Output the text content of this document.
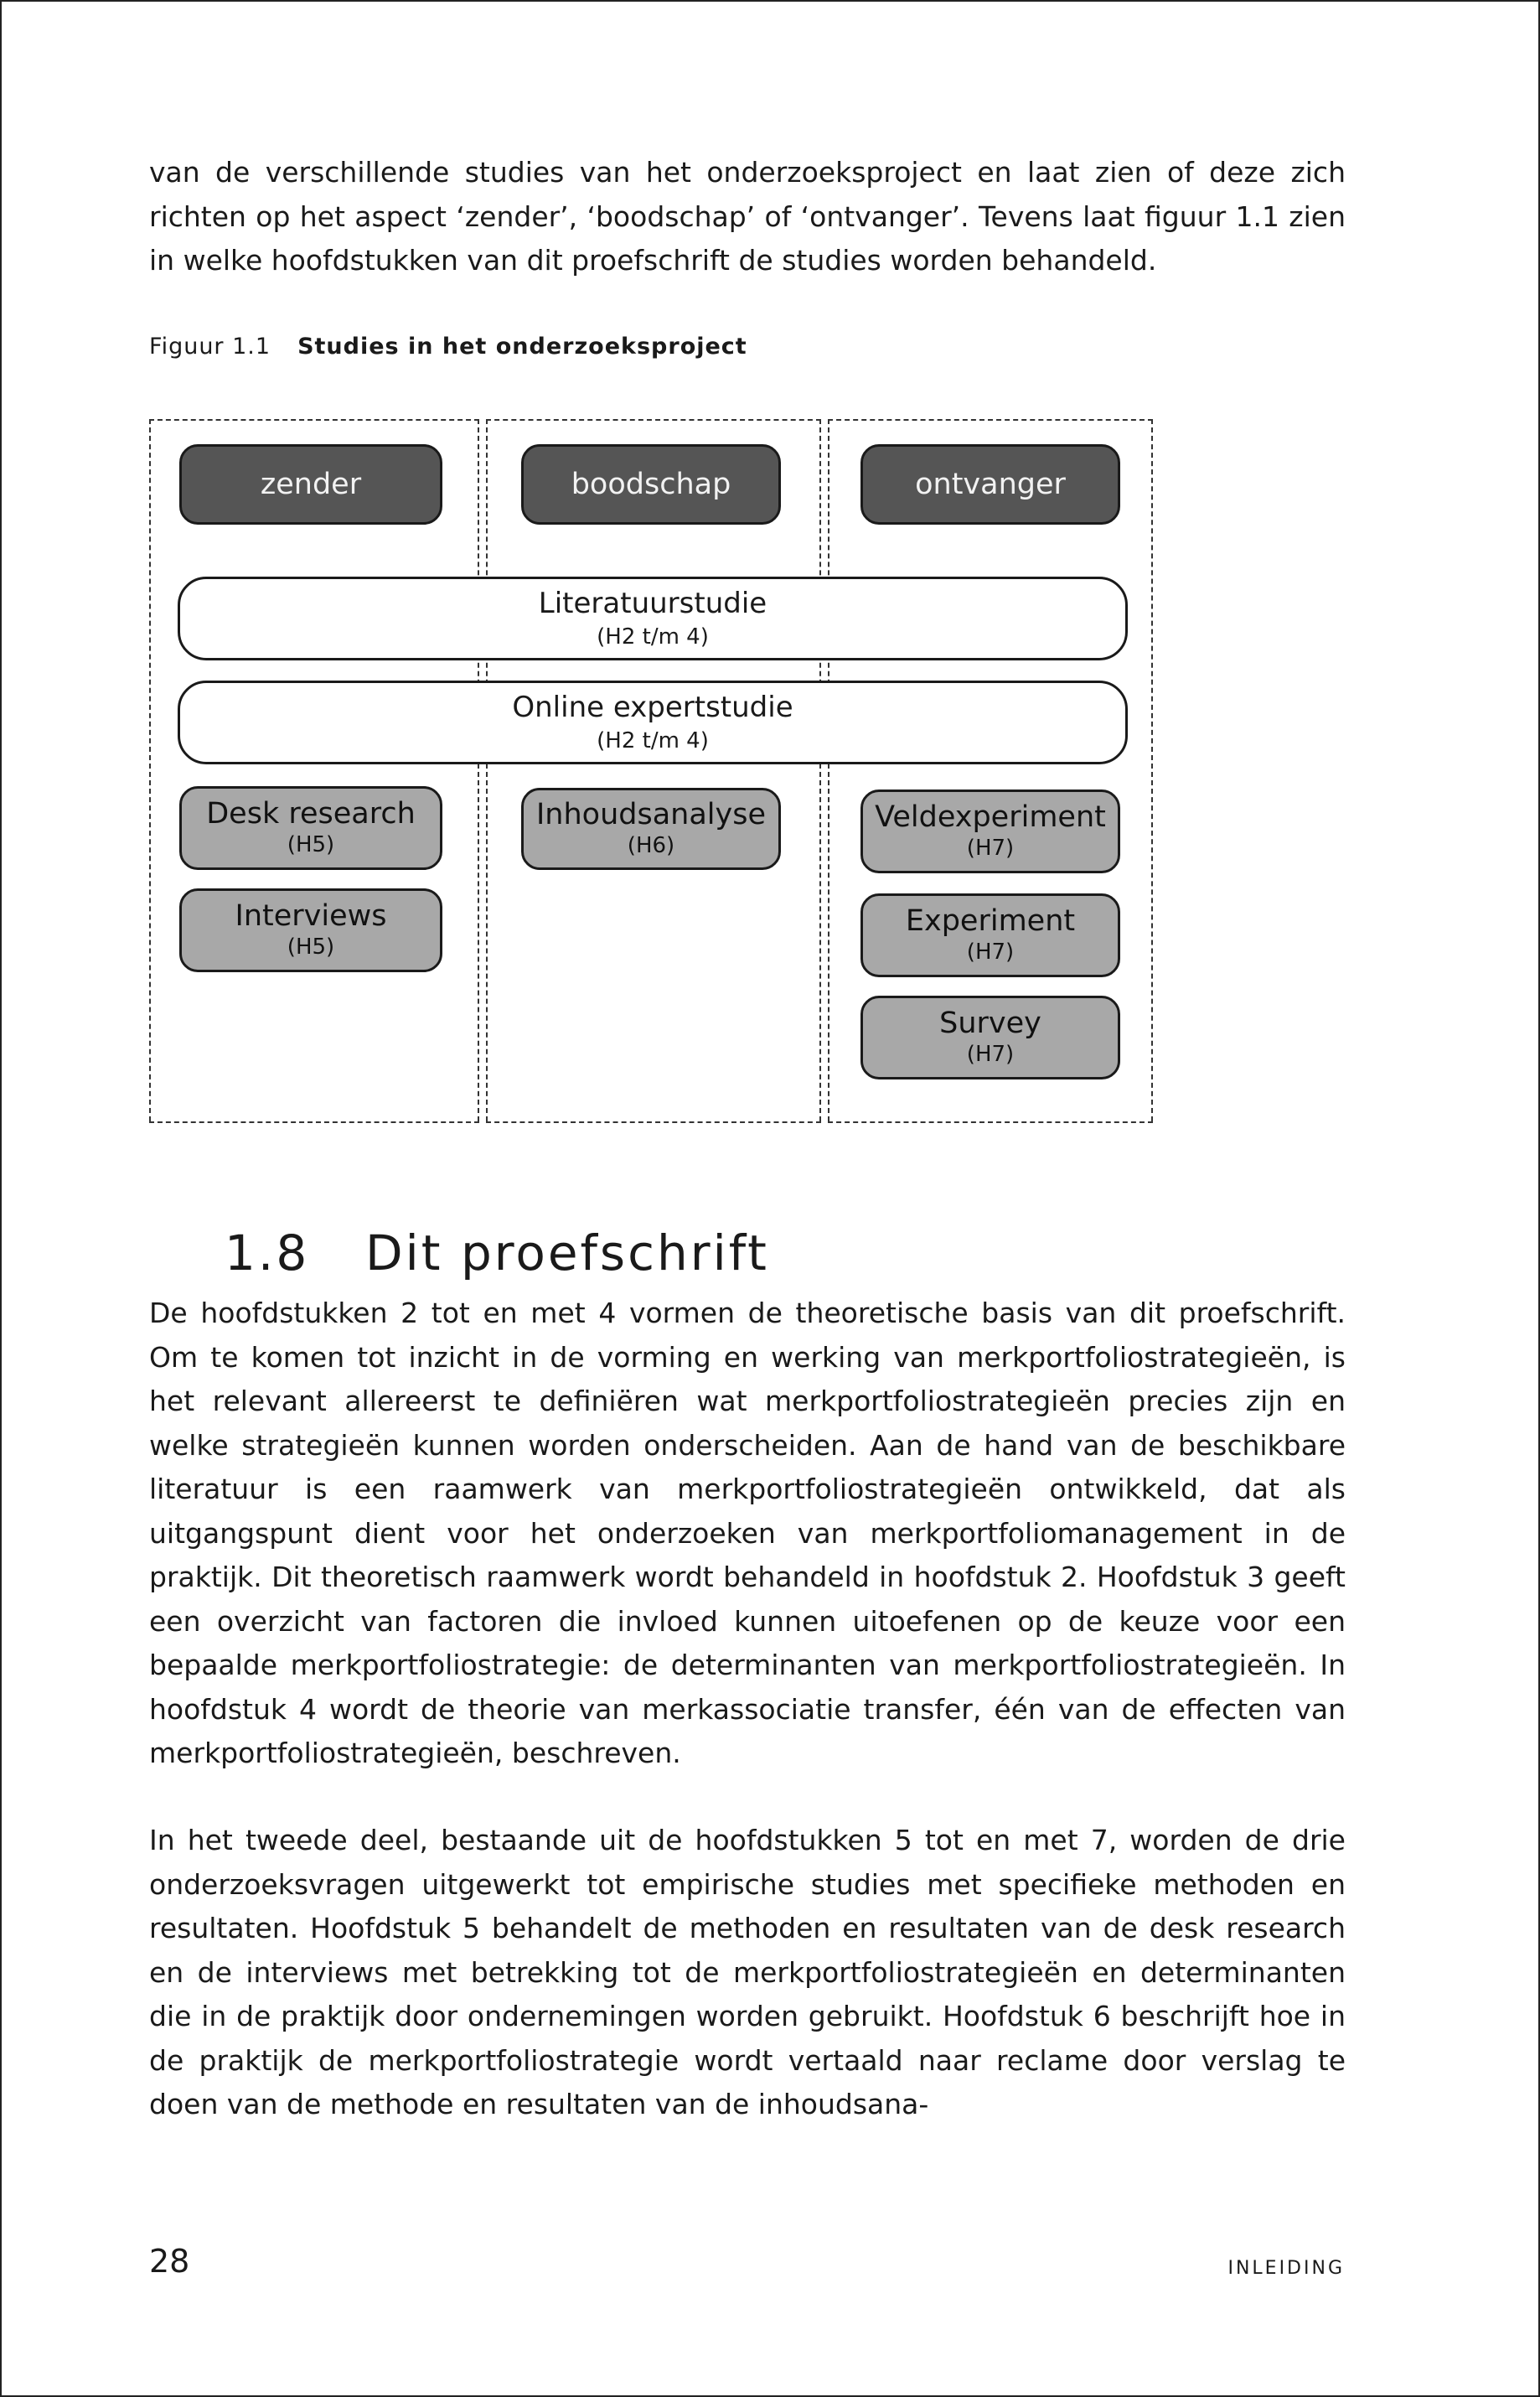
van de verschillende studies van het onderzoeksproject en laat zien of deze zich richten op het aspect ‘zender’, ‘boodschap’ of ‘ontvanger’. Tevens laat figuur 1.1 zien in welke hoofdstukken van dit proefschrift de studies worden behandeld.

Figuur 1.1 Studies in het onderzoeksproject
zender	boodschap	ontvanger
Literatuurstudie
(H2 t/m 4)
Online expertstudie
(H2 t/m 4)
Desk research
(H5)
Interviews
(H5)
Inhoudsanalyse
(H6)
Veldexperiment
(H7)
Experiment
(H7)
Survey
(H7)
1.8 Dit proefschrift

De hoofdstukken 2 tot en met 4 vormen de theoretische basis van dit proefschrift. Om te komen tot inzicht in de vorming en werking van merkportfoliostrategieën, is het relevant allereerst te definiëren wat merkportfoliostrategieën precies zijn en welke strategieën kunnen worden onderscheiden. Aan de hand van de beschikbare literatuur is een raamwerk van merkportfoliostrategieën ontwikkeld, dat als uitgangspunt dient voor het onderzoeken van merkportfoliomanagement in de praktijk. Dit theoretisch raamwerk wordt behandeld in hoofdstuk 2. Hoofdstuk 3 geeft een overzicht van factoren die invloed kunnen uitoefenen op de keuze voor een bepaalde merkportfoliostrategie: de determinanten van merkportfoliostrategieën. In hoofdstuk 4 wordt de theorie van merkassociatie transfer, één van de effecten van merkportfoliostrategieën, beschreven.

In het tweede deel, bestaande uit de hoofdstukken 5 tot en met 7, worden de drie onderzoeksvragen uitgewerkt tot empirische studies met specifieke methoden en resultaten. Hoofdstuk 5 behandelt de methoden en resultaten van de desk research en de interviews met betrekking tot de merkportfoliostrategieën en determinanten die in de praktijk door ondernemingen worden gebruikt. Hoofdstuk 6 beschrijft hoe in de praktijk de merkportfoliostrategie wordt vertaald naar reclame door verslag te doen van de methode en resultaten van de inhoudsana-

28	INLEIDING
